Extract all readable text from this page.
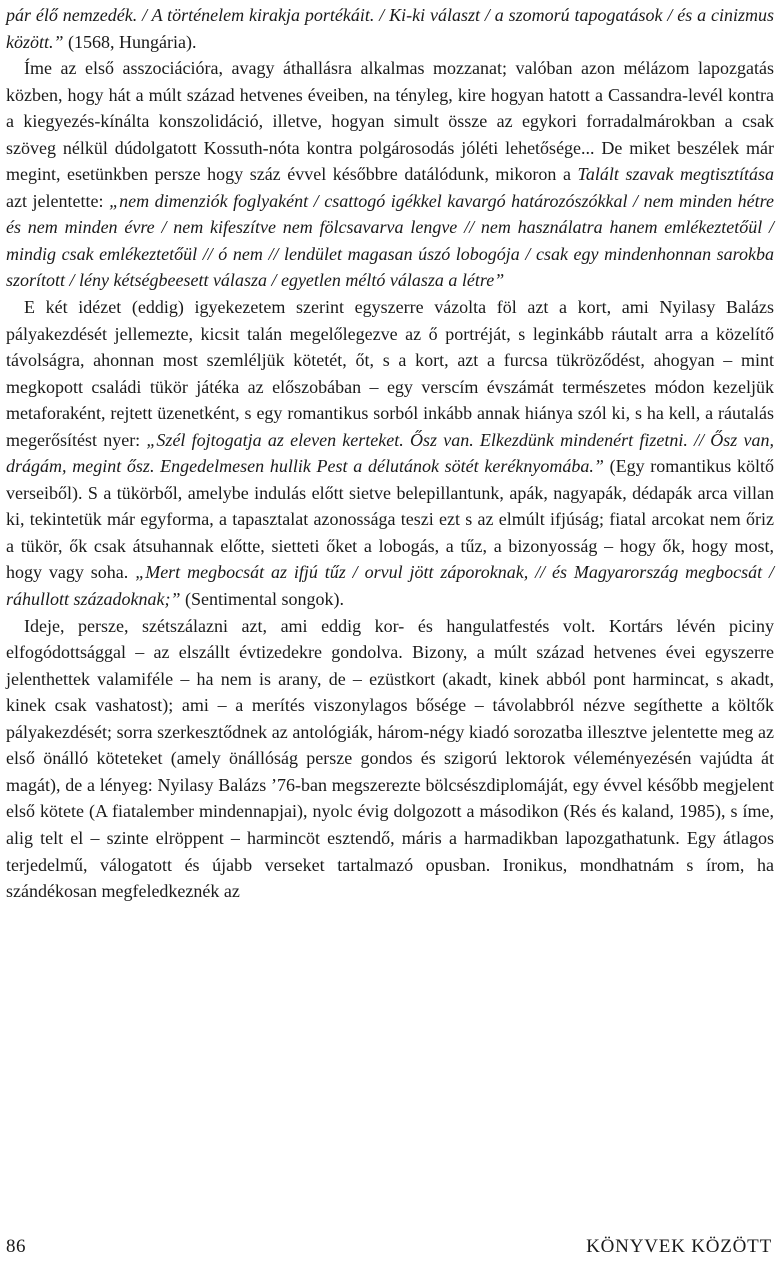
pár élő nemzedék. / A történelem kirakja portékáit. / Ki-ki választ / a szomorú tapogatások / és a cinizmus között.” (1568, Hungária).

Íme az első asszociációra, avagy áthallásra alkalmas mozzanat; valóban azon mélázom lapozgatás közben, hogy hát a múlt század hetvenes éveiben, na tényleg, kire hogyan hatott a Cassandra-levél kontra a kiegyezés-kínálta konszolidáció, illetve, hogyan simult össze az egykori forradalmárokban a csak szöveg nélkül dúdolgatott Kossuth-nóta kontra polgárosodás jóléti lehetősége... De miket beszélek már megint, esetünkben persze hogy száz évvel későbbre datálódunk, mikoron a Talált szavak megtisztítása azt jelentette: „nem dimenziók foglyaként / csattogó igékkel kavargó határozószókkal / nem minden hétre és nem minden évre / nem kifeszítve nem fölcsavarva lengve // nem használatra hanem emlékeztetőül / mindig csak emlékeztetőül // ó nem // lendület magasan úszó lobogója / csak egy mindenhonnan sarokba szorított / lény kétségbeesett válasza / egyetlen méltó válasza a létre”

E két idézet (eddig) igyekezetem szerint egyszerre vázolta föl azt a kort, ami Nyilasy Balázs pályakezdését jellemezte, kicsit talán megelőlegezve az ő portréját, s leginkább ráutalt arra a közelítő távolságra, ahonnan most szemléljük kötetét, őt, s a kort, azt a furcsa tükröződést, ahogyan – mint megkopott családi tükör játéka az előszobában – egy verscím évszámát természetes módon kezeljük metaforaként, rejtett üzenetként, s egy romantikus sorból inkább annak hiánya szól ki, s ha kell, a ráutalás megerősítést nyer: „Szél fojtogatja az eleven kerteket. Ősz van. Elkezdünk mindenért fizetni. // Ősz van, drágám, megint ősz. Engedelmesen hullik Pest a délutánok sötét keréknyomába.” (Egy romantikus költő verseiből). S a tükörből, amelybe indulás előtt sietve belepillantunk, apák, nagyapák, dédapák arca villan ki, tekintetük már egyforma, a tapasztalat azonossága teszi ezt s az elmúlt ifjúság; fiatal arcokat nem őriz a tükör, ők csak átsuhannak előtte, sietteti őket a lobogás, a tűz, a bizonyosság – hogy ők, hogy most, hogy vagy soha. „Mert megbocsát az ifjú tűz / orvul jött záporoknak, // és Magyarország megbocsát / ráhullott századoknak;” (Sentimental songok).

Ideje, persze, szétszálazni azt, ami eddig kor- és hangulatfestés volt. Kortárs lévén piciny elfogódottsággal – az elszállt évtizedekre gondolva. Bizony, a múlt század hetvenes évei egyszerre jelenthettek valamiféle – ha nem is arany, de – ezüstkort (akadt, kinek abból pont harmincat, s akadt, kinek csak vashatost); ami – a merítés viszonylagos bősége – távolabbról nézve segíthette a költők pályakezdését; sorra szerkesztődnek az antológiák, három-négy kiadó sorozatba illesztve jelentette meg az első önálló köteteket (amely önállóság persze gondos és szigorú lektorok véleményezésén vajúdta át magát), de a lényeg: Nyilasy Balázs ’76-ban megszerezte bölcsészdiplomáját, egy évvel később megjelent első kötete (A fiatalember mindennapjai), nyolc évig dolgozott a másodikon (Rés és kaland, 1985), s íme, alig telt el – szinte elröppent – harmincöt esztendő, máris a harmadikban lapozgathatunk. Egy átlagos terjedelmű, válogatott és újabb verseket tartalmazó opusban. Ironikus, mondhatnám s írom, ha szándékosan megfeledkeznék az

86	KÖNYVEK KÖZÖTT
